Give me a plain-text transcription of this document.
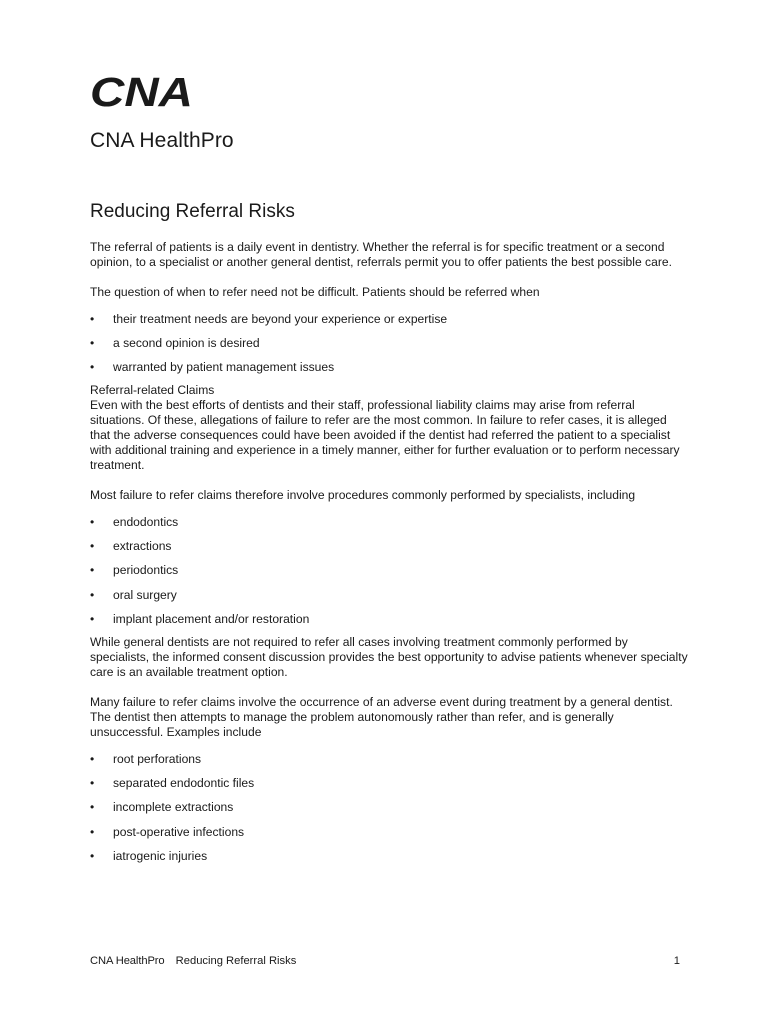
CNA
CNA HealthPro
Reducing Referral Risks

The referral of patients is a daily event in dentistry. Whether the referral is for specific treatment or a second opinion, to a specialist or another general dentist, referrals permit you to offer patients the best possible care.

The question of when to refer need not be difficult. Patients should be referred when

• their treatment needs are beyond your experience or expertise
• a second opinion is desired
• warranted by patient management issues

Referral-related Claims

Even with the best efforts of dentists and their staff, professional liability claims may arise from referral situations. Of these, allegations of failure to refer are the most common. In failure to refer cases, it is alleged that the adverse consequences could have been avoided if the dentist had referred the patient to a specialist with additional training and experience in a timely manner, either for further evaluation or to perform necessary treatment.

Most failure to refer claims therefore involve procedures commonly performed by specialists, including

• endodontics
• extractions
• periodontics
• oral surgery
• implant placement and/or restoration

While general dentists are not required to refer all cases involving treatment commonly performed by specialists, the informed consent discussion provides the best opportunity to advise patients whenever specialty care is an available treatment option.

Many failure to refer claims involve the occurrence of an adverse event during treatment by a general dentist. The dentist then attempts to manage the problem autonomously rather than refer, and is generally unsuccessful. Examples include

• root perforations
• separated endodontic files
• incomplete extractions
• post-operative infections
• iatrogenic injuries
CNA HealthPro Reducing Referral Risks	1
